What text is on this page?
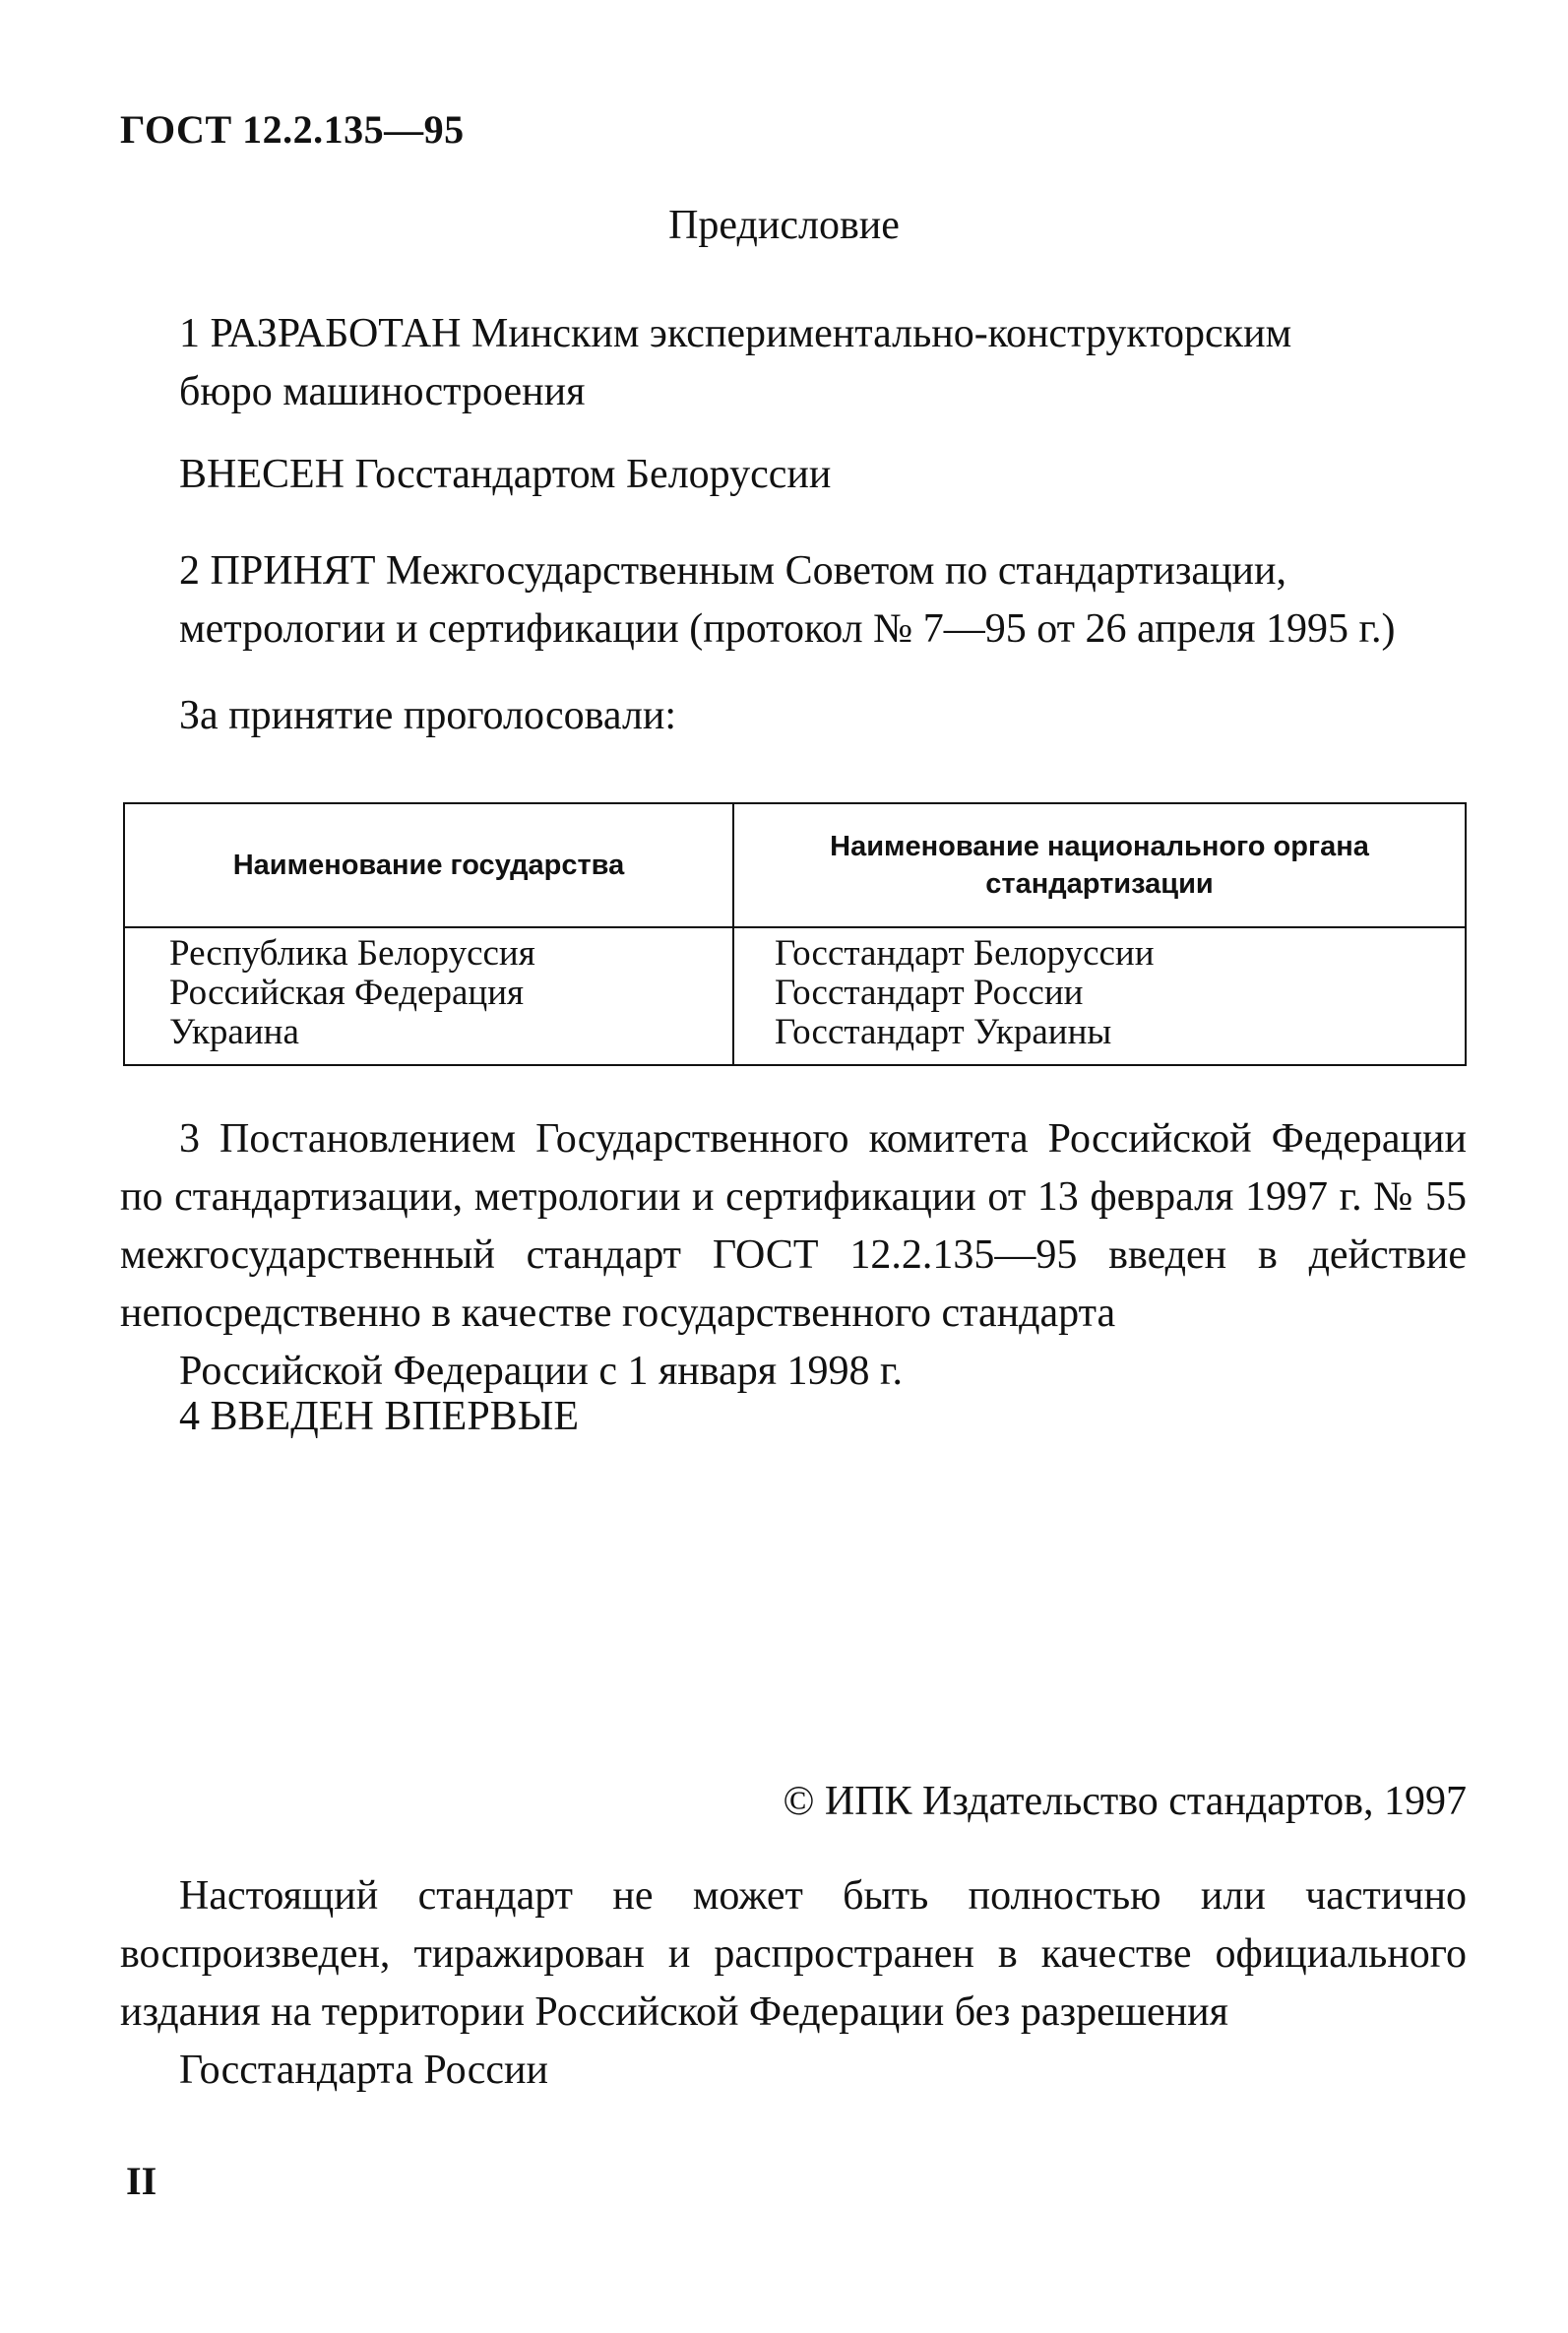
ГОСТ 12.2.135—95
Предисловие
1 РАЗРАБОТАН Минским экспериментально-конструкторским
бюро машиностроения
ВНЕСЕН Госстандартом Белоруссии
2 ПРИНЯТ Межгосударственным Советом по стандартизации,
метрологии и сертификации (протокол № 7—95 от 26 апреля 1995 г.)
За принятие проголосовали:
Наименование государства
Наименование национального органа стандартизации
Республика Белоруссия
Российская Федерация
Украина
Госстандарт Белоруссии
Госстандарт России
Госстандарт Украины
3 Постановлением Государственного комитета Российской Федерации по стандартизации, метрологии и сертификации от 13 февраля 1997 г. № 55 межгосударственный стандарт ГОСТ 12.2.135—95 введен в действие непосредственно в качестве государственного стандарта
Российской Федерации с 1 января 1998 г.
4 ВВЕДЕН ВПЕРВЫЕ
© ИПК Издательство стандартов, 1997
Настоящий стандарт не может быть полностью или частично воспроизведен, тиражирован и распространен в качестве официального издания на территории Российской Федерации без разрешения
Госстандарта России
II
